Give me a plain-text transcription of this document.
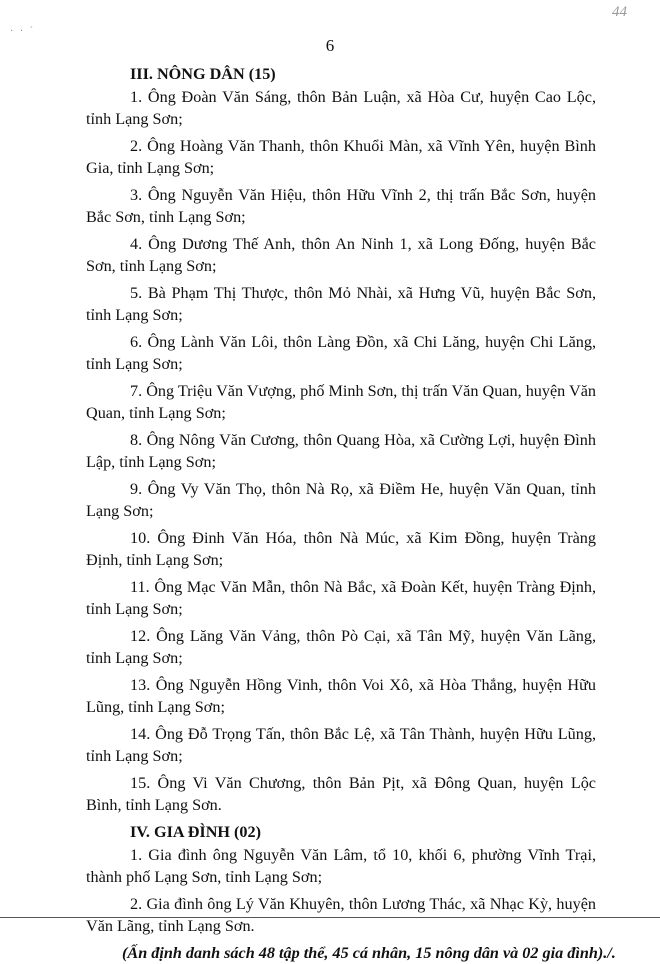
44
· · ˊ
6
III. NÔNG DÂN (15)

1. Ông Đoàn Văn Sáng, thôn Bản Luận, xã Hòa Cư, huyện Cao Lộc, tỉnh Lạng Sơn;

2. Ông Hoàng Văn Thanh, thôn Khuổi Màn, xã Vĩnh Yên, huyện Bình Gia, tỉnh Lạng Sơn;

3. Ông Nguyễn Văn Hiệu, thôn Hữu Vĩnh 2, thị trấn Bắc Sơn, huyện Bắc Sơn, tỉnh Lạng Sơn;

4. Ông Dương Thế Anh, thôn An Ninh 1, xã Long Đống, huyện Bắc Sơn, tỉnh Lạng Sơn;

5. Bà Phạm Thị Thược, thôn Mỏ Nhài, xã Hưng Vũ, huyện Bắc Sơn, tỉnh Lạng Sơn;

6. Ông Lành Văn Lôi, thôn Làng Đồn, xã Chi Lăng, huyện Chi Lăng, tỉnh Lạng Sơn;

7. Ông Triệu Văn Vượng, phố Minh Sơn, thị trấn Văn Quan, huyện Văn Quan, tỉnh Lạng Sơn;

8. Ông Nông Văn Cương, thôn Quang Hòa, xã Cường Lợi, huyện Đình Lập, tỉnh Lạng Sơn;

9. Ông Vy Văn Thọ, thôn Nà Rọ, xã Điềm He, huyện Văn Quan, tỉnh Lạng Sơn;

10. Ông Đinh Văn Hóa, thôn Nà Múc, xã Kim Đồng, huyện Tràng Định, tỉnh Lạng Sơn;

11. Ông Mạc Văn Mẫn, thôn Nà Bắc, xã Đoàn Kết, huyện Tràng Định, tỉnh Lạng Sơn;

12. Ông Lăng Văn Vảng, thôn Pò Cại, xã Tân Mỹ, huyện Văn Lãng, tỉnh Lạng Sơn;

13. Ông Nguyễn Hồng Vinh, thôn Voi Xô, xã Hòa Thắng, huyện Hữu Lũng, tỉnh Lạng Sơn;

14. Ông Đỗ Trọng Tấn, thôn Bắc Lệ, xã Tân Thành, huyện Hữu Lũng, tỉnh Lạng Sơn;

15. Ông Vi Văn Chương, thôn Bản Pịt, xã Đông Quan, huyện Lộc Bình, tỉnh Lạng Sơn.

IV. GIA ĐÌNH (02)

1. Gia đình ông Nguyễn Văn Lâm, tổ 10, khối 6, phường Vĩnh Trại, thành phố Lạng Sơn, tỉnh Lạng Sơn;

2. Gia đình ông Lý Văn Khuyên, thôn Lương Thác, xã Nhạc Kỳ, huyện Văn Lãng, tỉnh Lạng Sơn.

(Ấn định danh sách 48 tập thể, 45 cá nhân, 15 nông dân và 02 gia đình)./.
